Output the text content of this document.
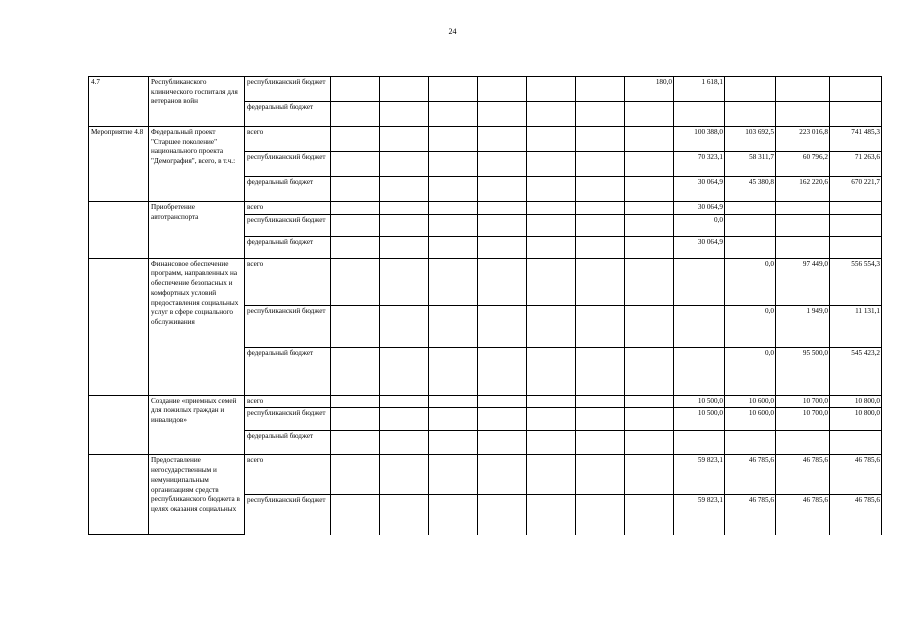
24
4.7	Республиканского клинического госпиталя для ветеранов войн	республиканский бюджет							180,0	1 618,1			
		федеральный бюджет											
Мероприятие 4.8	Федеральный проект "Старшее поколение" национального проекта "Демография", всего, в т.ч.:	всего								100 388,0	103 692,5	223 016,8	741 485,3
		республиканский бюджет								70 323,1	58 311,7	60 796,2	71 263,6
		федеральный бюджет								30 064,9	45 380,8	162 220,6	670 221,7
	Приобретение автотранспорта	всего								30 064,9			
		республиканский бюджет								0,0			
		федеральный бюджет								30 064,9			
	Финансовое обеспечение программ, направленных на обеспечение безопасных и комфортных условий предоставления социальных услуг в сфере социального обслуживания	всего									0,0	97 449,0	556 554,3
		республиканский бюджет									0,0	1 949,0	11 131,1
		федеральный бюджет									0,0	95 500,0	545 423,2
	Создание «приемных семей для пожилых граждан и инвалидов»	всего								10 500,0	10 600,0	10 700,0	10 800,0
		республиканский бюджет								10 500,0	10 600,0	10 700,0	10 800,0
		федеральный бюджет											
	Предоставление негосударственным и немуниципальным организациям средств республиканского бюджета в целях оказания социальных	всего								59 823,1	46 785,6	46 785,6	46 785,6
		республиканский бюджет								59 823,1	46 785,6	46 785,6	46 785,6
